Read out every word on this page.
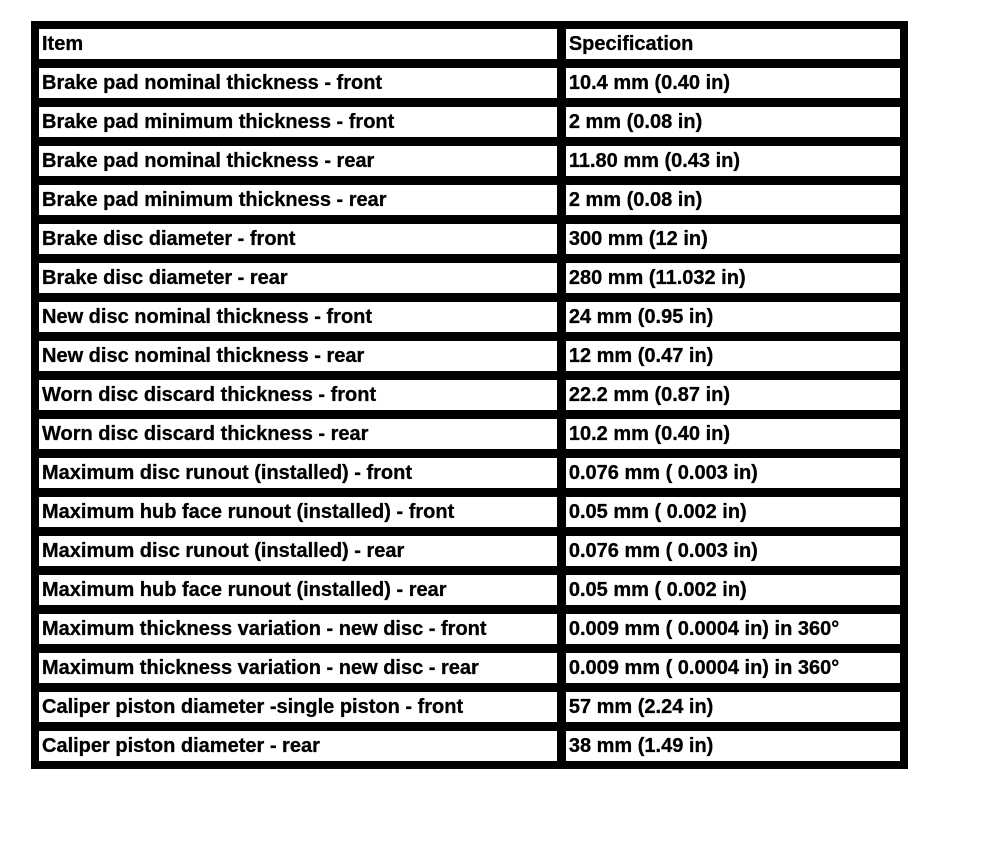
Item	Specification
Brake pad nominal thickness - front	10.4 mm (0.40 in)
Brake pad minimum thickness - front	2 mm (0.08 in)
Brake pad nominal thickness - rear	11.80 mm (0.43 in)
Brake pad minimum thickness - rear	2 mm (0.08 in)
Brake disc diameter - front	300 mm (12 in)
Brake disc diameter - rear	280 mm (11.032 in)
New disc nominal thickness - front	24 mm (0.95 in)
New disc nominal thickness - rear	12 mm (0.47 in)
Worn disc discard thickness - front	22.2 mm (0.87 in)
Worn disc discard thickness - rear	10.2 mm (0.40 in)
Maximum disc runout (installed) - front	0.076 mm ( 0.003 in)
Maximum hub face runout (installed) - front	0.05 mm ( 0.002 in)
Maximum disc runout (installed) - rear	0.076 mm ( 0.003 in)
Maximum hub face runout (installed) - rear	0.05 mm ( 0.002 in)
Maximum thickness variation - new disc - front	0.009 mm ( 0.0004 in) in 360°
Maximum thickness variation - new disc - rear	0.009 mm ( 0.0004 in) in 360°
Caliper piston diameter -single piston - front	57 mm (2.24 in)
Caliper piston diameter - rear	38 mm (1.49 in)
